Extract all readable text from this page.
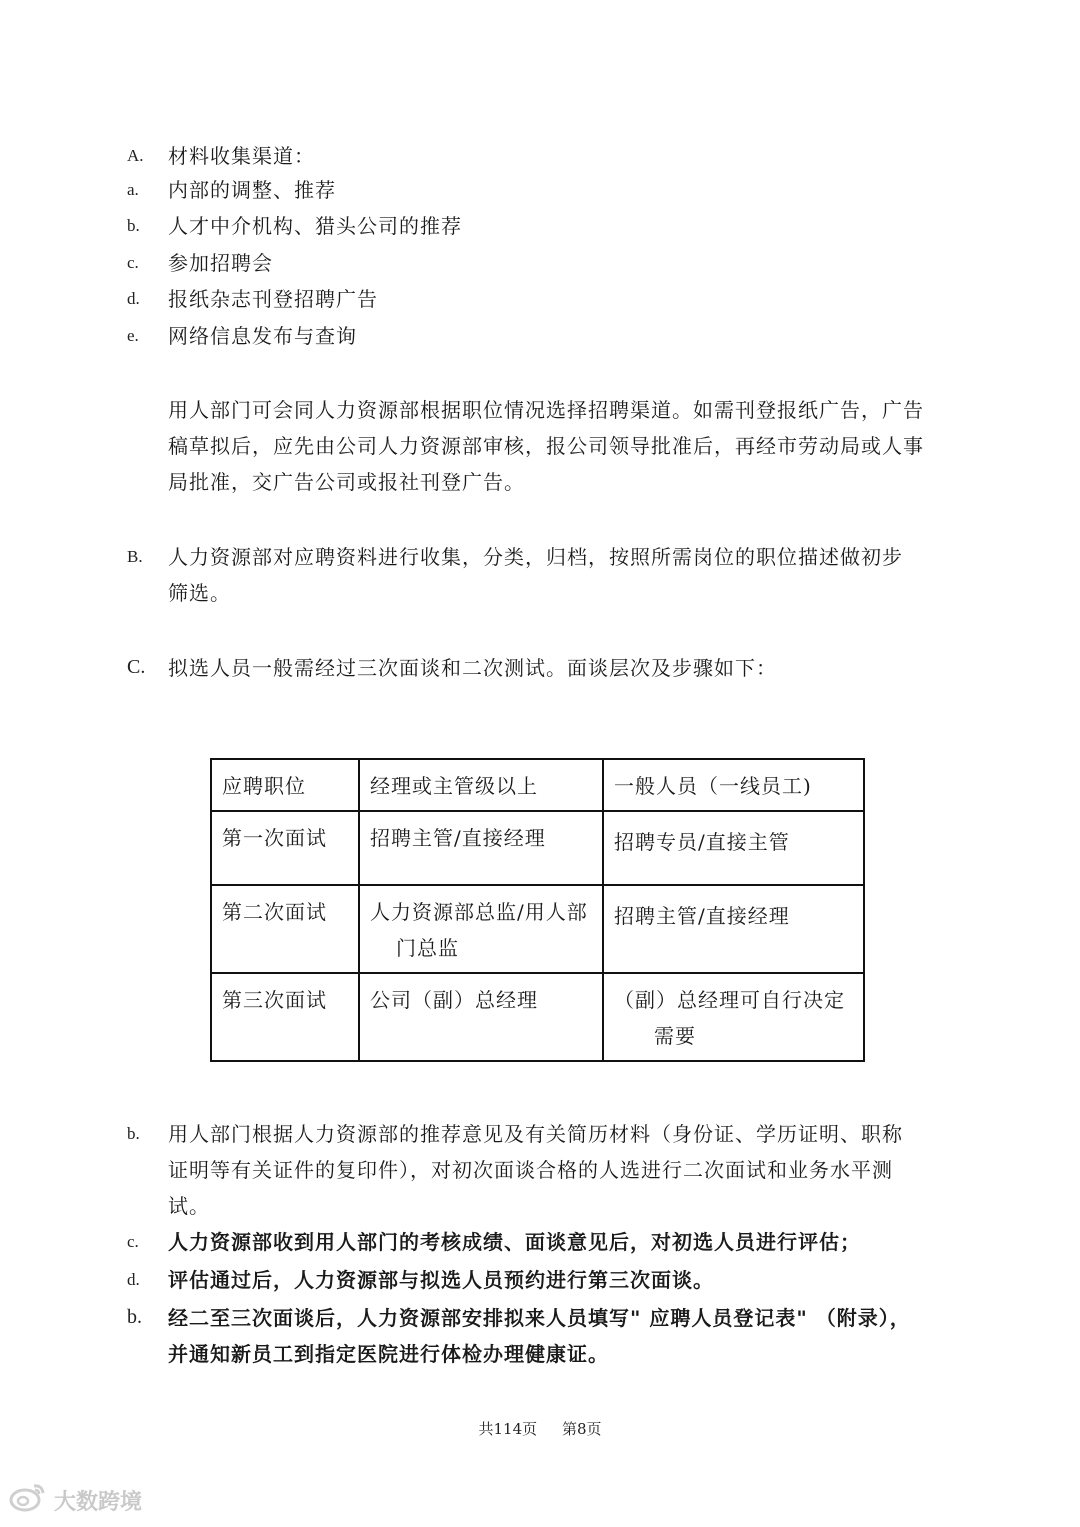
A. 材料收集渠道：
a. 内部的调整、推荐
b. 人才中介机构、猎头公司的推荐
c. 参加招聘会
d. 报纸杂志刊登招聘广告
e. 网络信息发布与查询
用人部门可会同人力资源部根据职位情况选择招聘渠道。如需刊登报纸广告，广告
稿草拟后，应先由公司人力资源部审核，报公司领导批准后，再经市劳动局或人事
局批准，交广告公司或报社刊登广告。
B. 人力资源部对应聘资料进行收集，分类，归档，按照所需岗位的职位描述做初步
筛选。
C. 拟选人员一般需经过三次面谈和二次测试。面谈层次及步骤如下：
应聘职位	经理或主管级以上	一般人员（一线员工)
第一次面试	招聘主管/直接经理	招聘专员/直接主管

第二次面试	人力资源部总监/用人部
门总监	招聘主管/直接经理

第三次面试	公司（副）总经理	（副）总经理可自行决定
需要
b. 用人部门根据人力资源部的推荐意见及有关简历材料（身份证、学历证明、职称
证明等有关证件的复印件），对初次面谈合格的人选进行二次面试和业务水平测
试。
c. 人力资源部收到用人部门的考核成绩、面谈意见后，对初选人员进行评估；
d. 评估通过后，人力资源部与拟选人员预约进行第三次面谈。
b. 经二至三次面谈后，人力资源部安排拟来人员填写" 应聘人员登记表" （附录），
并通知新员工到指定医院进行体检办理健康证。
共114页 第8页
大数跨境
